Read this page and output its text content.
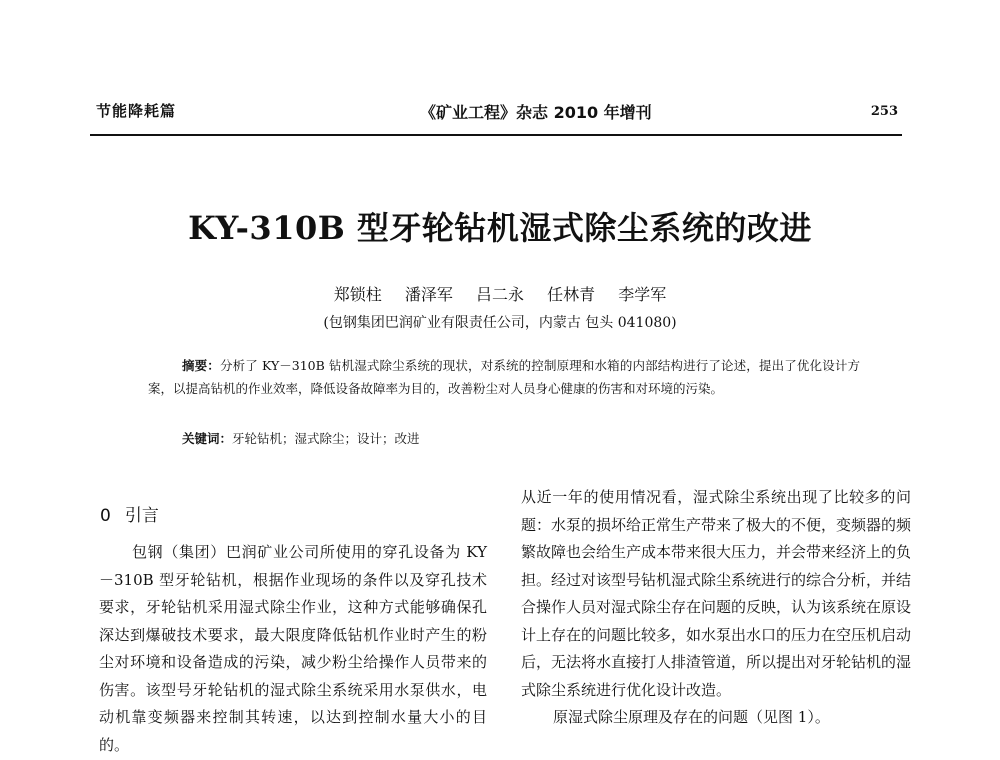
节能降耗篇	《矿业工程》杂志 2010 年增刊	253
KY-310B 型牙轮钻机湿式除尘系统的改进
郑锁柱 潘泽军 吕二永 任林青 李学军
(包钢集团巴润矿业有限责任公司，内蒙古 包头 041080)
摘要：分析了 KY－310B 钻机湿式除尘系统的现状，对系统的控制原理和水箱的内部结构进行了论述，提出了优化设计方案，以提高钻机的作业效率，降低设备故障率为目的，改善粉尘对人员身心健康的伤害和对环境的污染。
关键词：牙轮钻机；湿式除尘；设计；改进
0 引言
包钢（集团）巴润矿业公司所使用的穿孔设备为 KY－310B 型牙轮钻机，根据作业现场的条件以及穿孔技术要求，牙轮钻机采用湿式除尘作业，这种方式能够确保孔深达到爆破技术要求，最大限度降低钻机作业时产生的粉尘对环境和设备造成的污染，减少粉尘给操作人员带来的伤害。该型号牙轮钻机的湿式除尘系统采用水泵供水，电动机靠变频器来控制其转速，以达到控制水量大小的目的。
从近一年的使用情况看，湿式除尘系统出现了比较多的问题：水泵的损坏给正常生产带来了极大的不便，变频器的频繁故障也会给生产成本带来很大压力，并会带来经济上的负担。经过对该型号钻机湿式除尘系统进行的综合分析，并结合操作人员对湿式除尘存在问题的反映，认为该系统在原设计上存在的问题比较多，如水泵出水口的压力在空压机启动后，无法将水直接打人排渣管道，所以提出对牙轮钻机的湿式除尘系统进行优化设计改造。
原湿式除尘原理及存在的问题（见图 1）。
